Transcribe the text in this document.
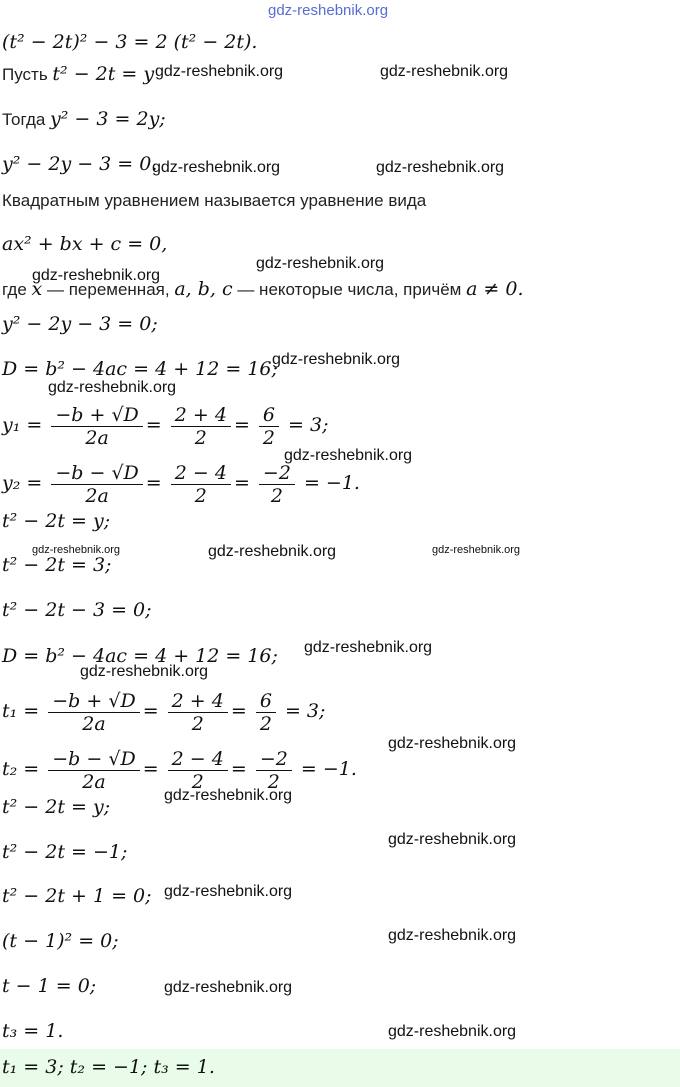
gdz-reshebnik.org
gdz-reshebnik.org	gdz-reshebnik.org
gdz-reshebnik.org	gdz-reshebnik.org
gdz-reshebnik.org
gdz-reshebnik.org
gdz-reshebnik.org
gdz-reshebnik.org
gdz-reshebnik.org
gdz-reshebnik.org	gdz-reshebnik.org	gdz-reshebnik.org
gdz-reshebnik.org
gdz-reshebnik.org
gdz-reshebnik.org
gdz-reshebnik.org
gdz-reshebnik.org
gdz-reshebnik.org
gdz-reshebnik.org
gdz-reshebnik.org
gdz-reshebnik.org
(t² − 2t)² − 3 = 2 (t² − 2t).
Пусть t² − 2t = y
Тогда y² − 3 = 2y;
y² − 2y − 3 = 0.
Квадратным уравнением называется уравнение вида
ax² + bx + c = 0,
где x — переменная, a, b, c — некоторые числа, причём a ≠ 0.
y² − 2y − 3 = 0;
D = b² − 4ac = 4 + 12 = 16;
$y_1 = \frac{-b + √D}{2a} = \frac{2 + 4}{2} = \frac{6}{2} = 3$;
$y_2 = \frac{-b - √D}{2a} = \frac{2 - 4}{2} = \frac{-2}{2} = -1$.
t² − 2t = y;
t² − 2t = 3;
t² − 2t − 3 = 0;
D = b² − 4ac = 4 + 12 = 16;
$t_1 = \frac{-b + √D}{2a} = \frac{2 + 4}{2} = \frac{6}{2} = 3$;
$t_2 = \frac{-b - √D}{2a} = \frac{2 - 4}{2} = \frac{-2}{2} = -1$.
t² − 2t = y;
t² − 2t = −1;
t² − 2t + 1 = 0;
(t − 1)² = 0;
t − 1 = 0;
t₃ = 1.
t₁ = 3; t₂ = −1; t₃ = 1.
